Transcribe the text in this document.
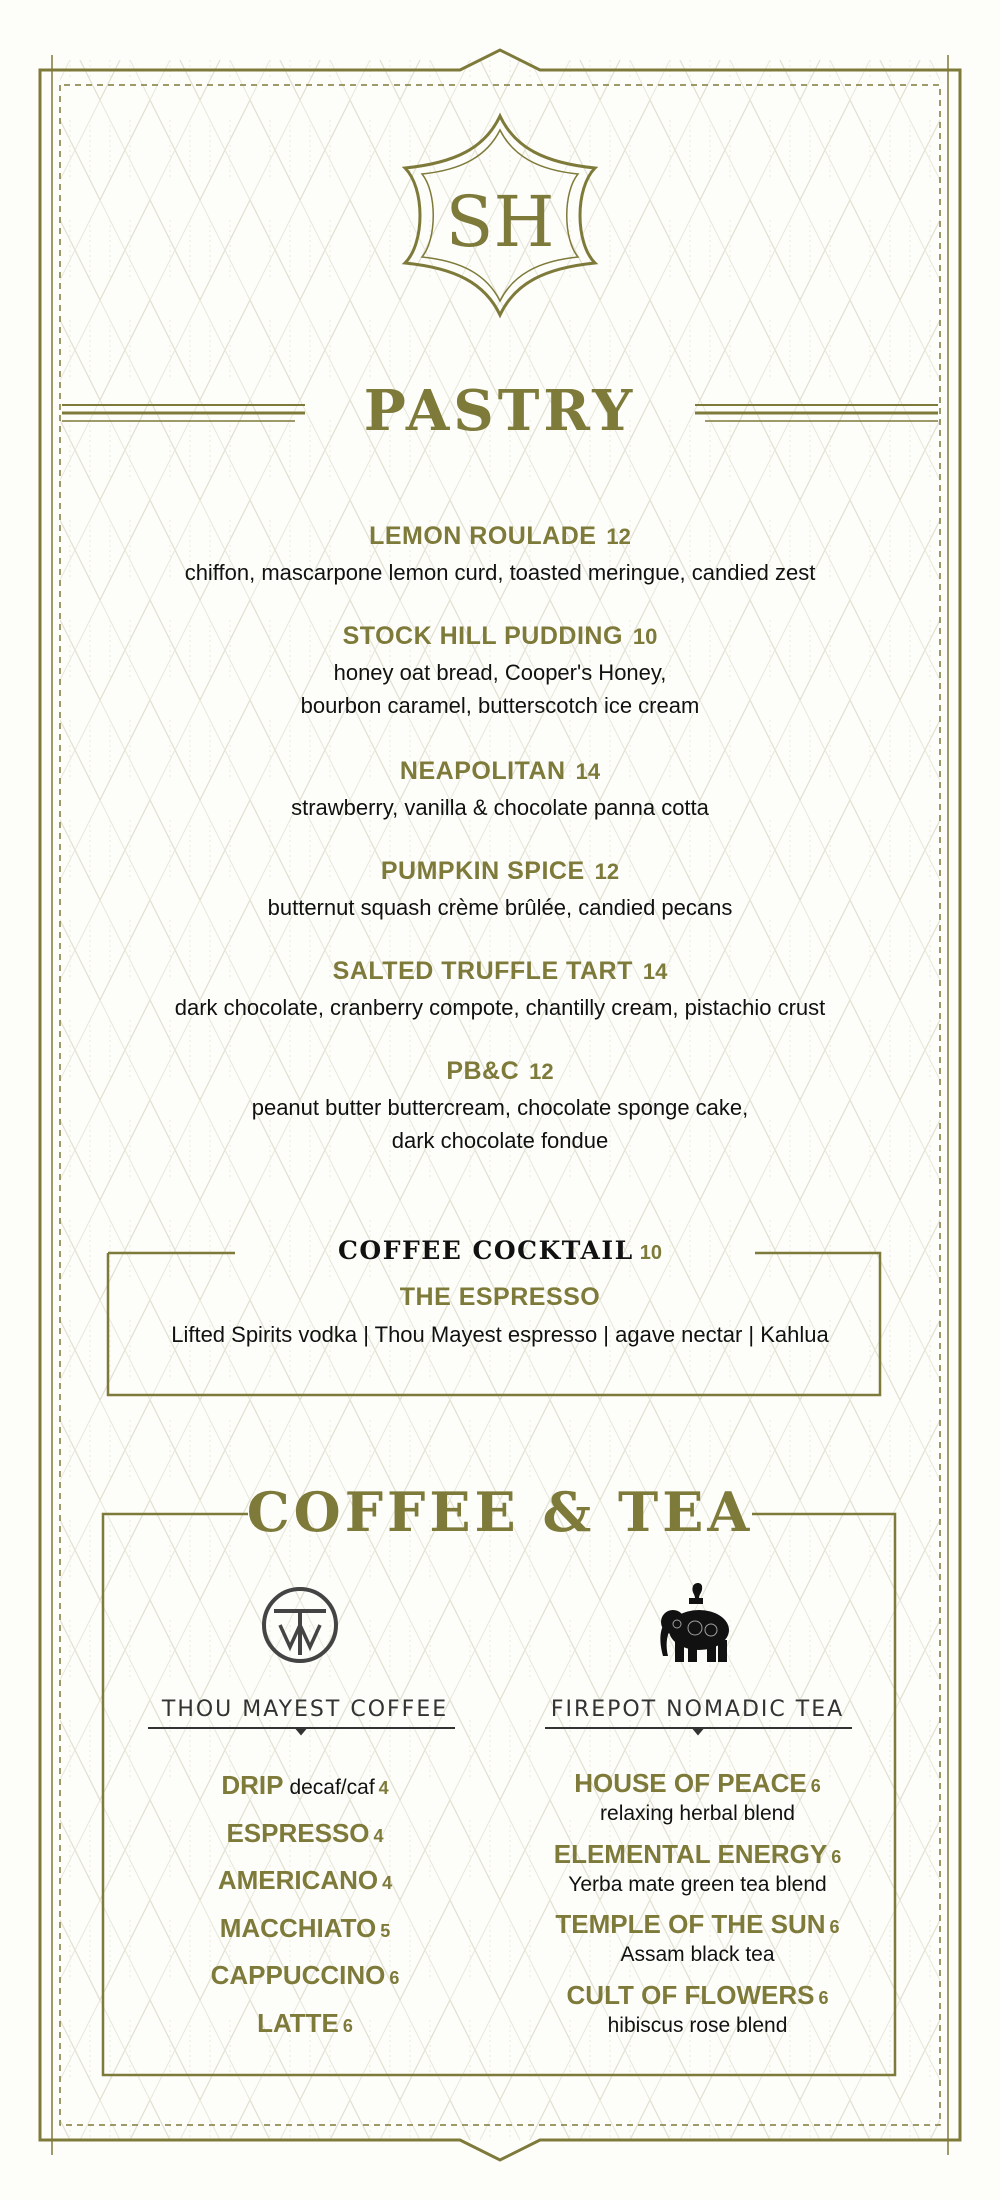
SH
PASTRY
LEMON ROULADE 12
chiffon, mascarpone lemon curd, toasted meringue, candied zest
STOCK HILL PUDDING 10
honey oat bread, Cooper's Honey,
bourbon caramel, butterscotch ice cream
NEAPOLITAN 14
strawberry, vanilla & chocolate panna cotta
PUMPKIN SPICE 12
butternut squash crème brûlée, candied pecans
SALTED TRUFFLE TART 14
dark chocolate, cranberry compote, chantilly cream, pistachio crust
PB&C 12
peanut butter buttercream, chocolate sponge cake,
dark chocolate fondue
COFFEE COCKTAIL 10
THE ESPRESSO
Lifted Spirits vodka | Thou Mayest espresso | agave nectar | Kahlua
COFFEE & TEA
THOU MAYEST COFFEE	FIREPOT NOMADIC TEA
DRIP decaf/caf 4
ESPRESSO 4
AMERICANO 4
MACCHIATO 5
CAPPUCCINO 6
LATTE 6
HOUSE OF PEACE 6
relaxing herbal blend
ELEMENTAL ENERGY 6
Yerba mate green tea blend
TEMPLE OF THE SUN 6
Assam black tea
CULT OF FLOWERS 6
hibiscus rose blend
